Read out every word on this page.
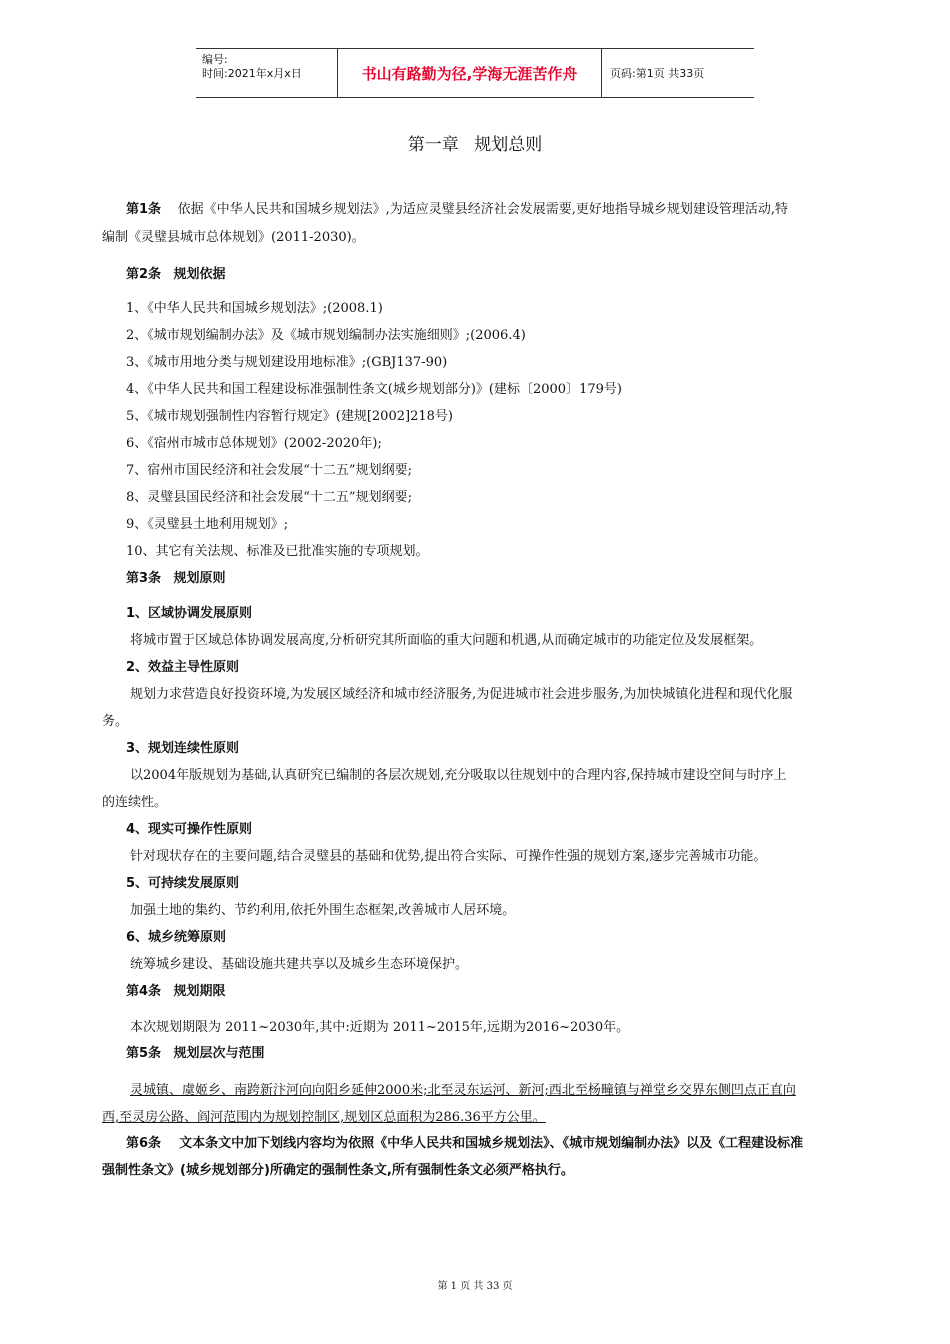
编号:
时间:2021年x月x日	书山有路勤为径,学海无涯苦作舟	页码:第1页 共33页
第一章 规划总则
第1条 依据《中华人民共和国城乡规划法》,为适应灵璧县经济社会发展需要,更好地指导城乡规划建设管理活动,特
编制《灵璧县城市总体规划》(2011-2030)。
第2条 规划依据
1、《中华人民共和国城乡规划法》;(2008.1)
2、《城市规划编制办法》及《城市规划编制办法实施细则》;(2006.4)
3、《城市用地分类与规划建设用地标准》;(GBJ137-90)
4、《中华人民共和国工程建设标准强制性条文(城乡规划部分)》(建标〔2000〕179号)
5、《城市规划强制性内容暂行规定》(建规[2002]218号)
6、《宿州市城市总体规划》(2002-2020年);
7、宿州市国民经济和社会发展“十二五”规划纲要;
8、灵璧县国民经济和社会发展“十二五”规划纲要;
9、《灵璧县土地利用规划》;
10、其它有关法规、标准及已批准实施的专项规划。
第3条 规划原则
1、区域协调发展原则
将城市置于区域总体协调发展高度,分析研究其所面临的重大问题和机遇,从而确定城市的功能定位及发展框架。
2、效益主导性原则
规划力求营造良好投资环境,为发展区域经济和城市经济服务,为促进城市社会进步服务,为加快城镇化进程和现代化服
务。
3、规划连续性原则
以2004年版规划为基础,认真研究已编制的各层次规划,充分吸取以往规划中的合理内容,保持城市建设空间与时序上
的连续性。
4、现实可操作性原则
针对现状存在的主要问题,结合灵璧县的基础和优势,提出符合实际、可操作性强的规划方案,逐步完善城市功能。
5、可持续发展原则
加强土地的集约、节约利用,依托外围生态框架,改善城市人居环境。
6、城乡统筹原则
统筹城乡建设、基础设施共建共享以及城乡生态环境保护。
第4条 规划期限
本次规划期限为 2011~2030年,其中:近期为 2011~2015年,远期为2016~2030年。
第5条 规划层次与范围
灵城镇、虞姬乡、南跨新汴河向向阳乡延伸2000米;北至灵东运河、新河;西北至杨疃镇与禅堂乡交界东侧凹点正直向
西,至灵房公路、阎河范围内为规划控制区,规划区总面积为286.36平方公里。
第6条 文本条文中加下划线内容均为依照《中华人民共和国城乡规划法》、《城市规划编制办法》以及《工程建设标准
强制性条文》(城乡规划部分)所确定的强制性条文,所有强制性条文必须严格执行。
第 1 页 共 33 页
